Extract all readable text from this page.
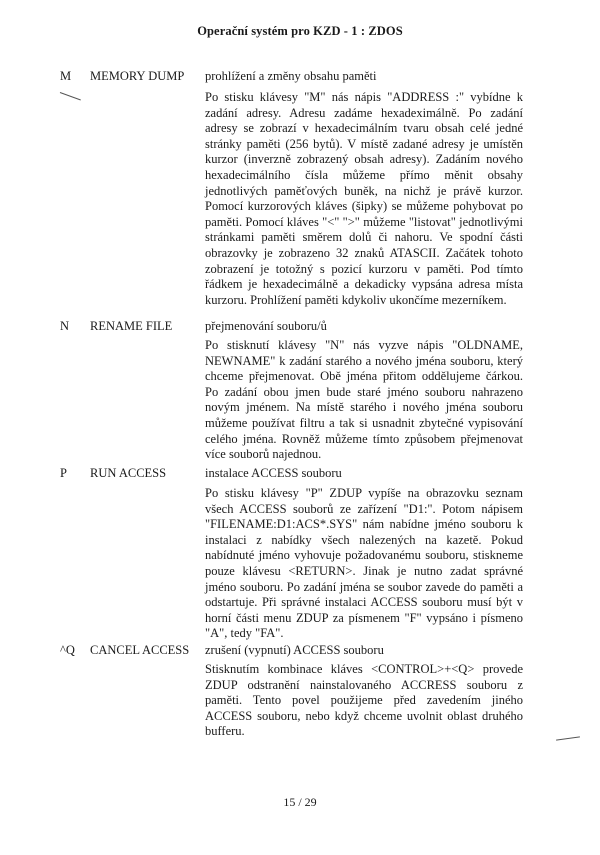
Operační systém pro KZD - 1 : ZDOS
M MEMORY DUMP prohlížení a změny obsahu paměti

Po stisku klávesy "M" nás nápis "ADDRESS :" vybídne k zadání adresy. Adresu zadáme hexadeximálně. Po zadání adresy se zobrazí v hexadecimálním tvaru obsah celé jedné stránky paměti (256 bytů). V místě zadané adresy je umístěn kurzor (inverzně zobrazený obsah adresy). Zadáním nového hexadecimálního čísla můžeme přímo měnit obsahy jednotlivých paměťových buněk, na nichž je právě kurzor. Pomocí kurzorových kláves (šipky) se můžeme pohybovat po paměti. Pomocí kláves "<" ">" můžeme "listovat" jednotlivými stránkami paměti směrem dolů či nahoru. Ve spodní části obrazovky je zobrazeno 32 znaků ATASCII. Začátek tohoto zobrazení je totožný s pozicí kurzoru v paměti. Pod tímto řádkem je hexadecimálně a dekadicky vypsána adresa místa kurzoru. Prohlížení paměti kdykoliv ukončíme mezerníkem.

N RENAME FILE	přejmenování souboru/ů

Po stisknutí klávesy "N" nás vyzve nápis "OLDNAME, NEWNAME" k zadání starého a nového jména souboru, který chceme přejmenovat. Obě jména přitom oddělujeme čárkou. Po zadání obou jmen bude staré jméno souboru nahrazeno novým jménem. Na místě starého i nového jména souboru můžeme používat filtru a tak si usnadnit zbytečné vypisování celého jména. Rovněž můžeme tímto způsobem přejmenovat více souborů najednou.

P RUN ACCESS	instalace ACCESS souboru

Po stisku klávesy "P" ZDUP vypíše na obrazovku seznam všech ACCESS souborů ze zařízení "D1:". Potom nápisem "FILENAME:D1:ACS*.SYS" nám nabídne jméno souboru k instalaci z nabídky všech nalezených na kazetě. Pokud nabídnuté jméno vyhovuje požadovanému souboru, stiskneme pouze klávesu <RETURN>. Jinak je nutno zadat správné jméno souboru. Po zadání jména se soubor zavede do paměti a odstartuje. Při správné instalaci ACCESS souboru musí být v horní části menu ZDUP za písmenem "F" vypsáno i písmeno "A", tedy "FA".

^Q CANCEL ACCESS zrušení (vypnutí) ACCESS souboru

Stisknutím kombinace kláves <CONTROL>+<Q> provede ZDUP odstranění nainstalovaného ACCRESS souboru z paměti. Tento povel použijeme před zavedením jiného ACCESS souboru, nebo když chceme uvolnit oblast druhého bufferu.

15 / 29
